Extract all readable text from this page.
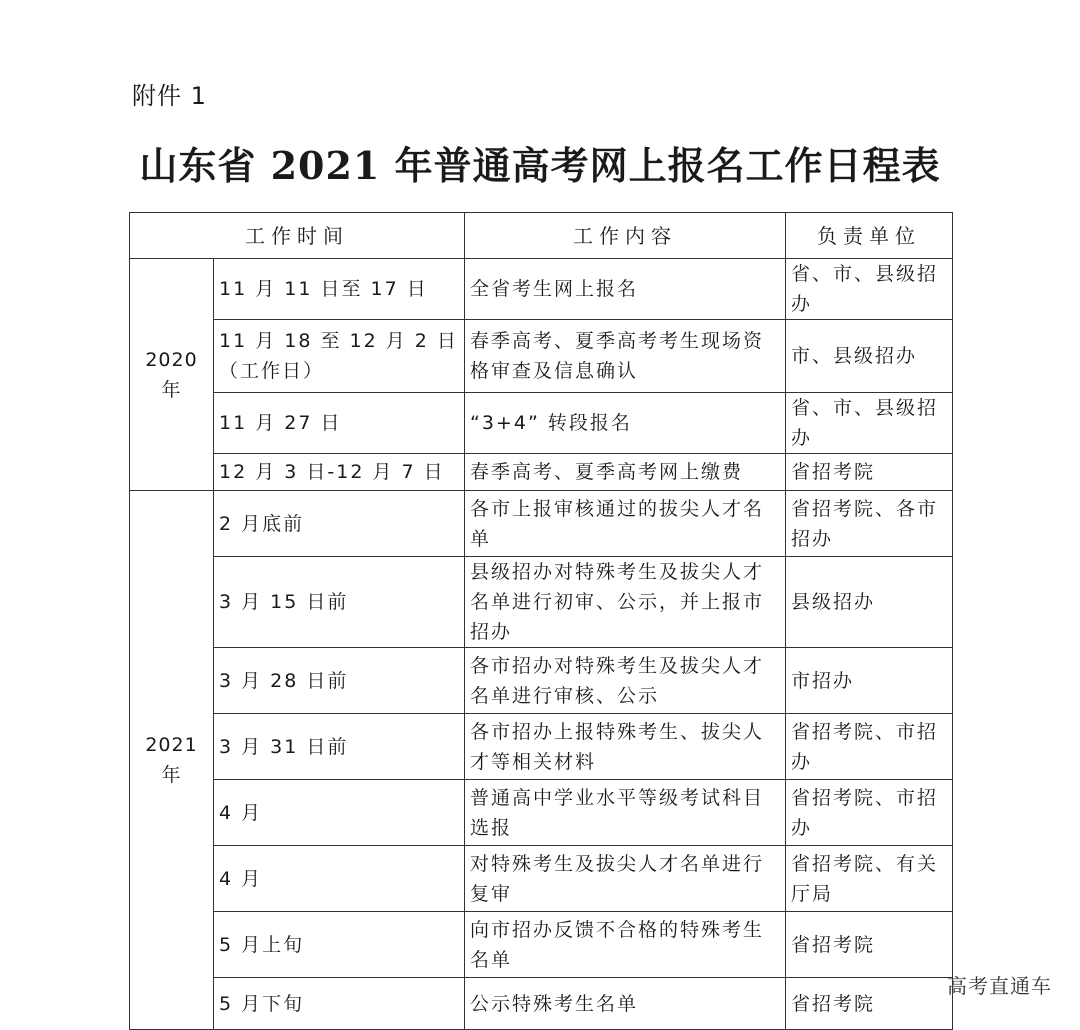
附件 1
山东省 2021 年普通高考网上报名工作日程表
工作时间		工作内容	负责单位
2020 年	11 月 11 日至 17 日	全省考生网上报名	省、市、县级招办
	11 月 18 至 12 月 2 日（工作日）	春季高考、夏季高考考生现场资格审查及信息确认	市、县级招办
	11 月 27 日	“3+4” 转段报名	省、市、县级招办
	12 月 3 日-12 月 7 日	春季高考、夏季高考网上缴费	省招考院
2021 年	2 月底前	各市上报审核通过的拔尖人才名单	省招考院、各市招办
	3 月 15 日前	县级招办对特殊考生及拔尖人才名单进行初审、公示，并上报市招办	县级招办
	3 月 28 日前	各市招办对特殊考生及拔尖人才名单进行审核、公示	市招办
	3 月 31 日前	各市招办上报特殊考生、拔尖人才等相关材料	省招考院、市招办
	4 月	普通高中学业水平等级考试科目选报	省招考院、市招办
	4 月	对特殊考生及拔尖人才名单进行复审	省招考院、有关厅局
	5 月上旬	向市招办反馈不合格的特殊考生名单	省招考院
	5 月下旬	公示特殊考生名单	省招考院
高考直通车
